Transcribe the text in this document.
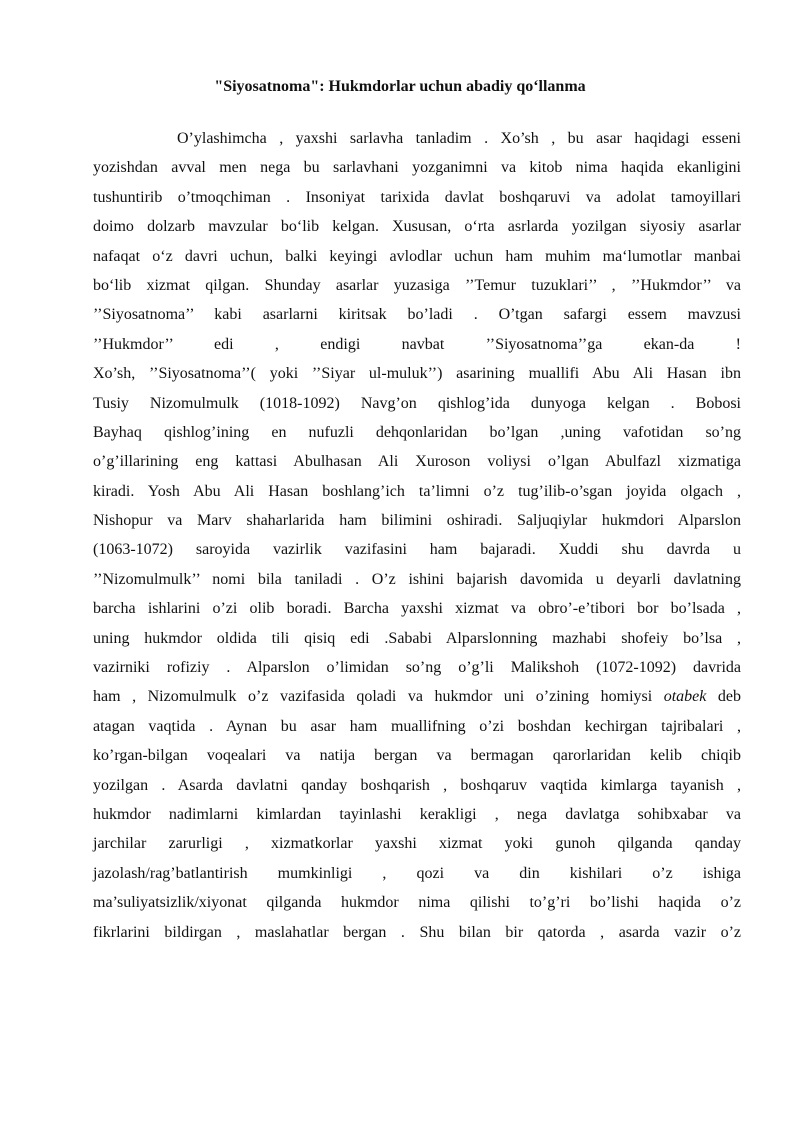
"Siyosatnoma": Hukmdorlar uchun abadiy qo‘llanma
O’ylashimcha , yaxshi sarlavha tanladim . Xo’sh , bu asar haqidagi esseni
yozishdan avval men nega bu sarlavhani yozganimni va kitob nima haqida ekanligini
tushuntirib o’tmoqchiman . Insoniyat tarixida davlat boshqaruvi va adolat tamoyillari
doimo dolzarb mavzular bo‘lib kelgan. Xususan, o‘rta asrlarda yozilgan siyosiy asarlar
nafaqat o‘z davri uchun, balki keyingi avlodlar uchun ham muhim ma‘lumotlar manbai
bo‘lib xizmat qilgan. Shunday asarlar yuzasiga ’’Temur tuzuklari’’ , ’’Hukmdor’’ va
’’Siyosatnoma’’ kabi asarlarni kiritsak bo’ladi . O’tgan safargi essem mavzusi
’’Hukmdor’’ edi , endigi navbat ’’Siyosatnoma’’ga ekan-da !
Xo’sh, ’’Siyosatnoma’’( yoki ’’Siyar ul-muluk’’) asarining muallifi Abu Ali Hasan ibn
Tusiy Nizomulmulk (1018-1092) Navg’on qishlog’ida dunyoga kelgan . Bobosi
Bayhaq qishlog’ining en nufuzli dehqonlaridan bo’lgan ,uning vafotidan so’ng
o’g’illarining eng kattasi Abulhasan Ali Xuroson voliysi o’lgan Abulfazl xizmatiga
kiradi. Yosh Abu Ali Hasan boshlang’ich ta’limni o’z tug’ilib-o’sgan joyida olgach ,
Nishopur va Marv shaharlarida ham bilimini oshiradi. Saljuqiylar hukmdori Alparslon
(1063-1072) saroyida vazirlik vazifasini ham bajaradi. Xuddi shu davrda u
’’Nizomulmulk’’ nomi bila taniladi . O’z ishini bajarish davomida u deyarli davlatning
barcha ishlarini o’zi olib boradi. Barcha yaxshi xizmat va obro’-e’tibori bor bo’lsada ,
uning hukmdor oldida tili qisiq edi .Sababi Alparslonning mazhabi shofeiy bo’lsa ,
vazirniki rofiziy . Alparslon o’limidan so’ng o’g’li Malikshoh (1072-1092) davrida
ham , Nizomulmulk o’z vazifasida qoladi va hukmdor uni o’zining homiysi otabek deb
atagan vaqtida . Aynan bu asar ham muallifning o’zi boshdan kechirgan tajribalari ,
ko’rgan-bilgan voqealari va natija bergan va bermagan qarorlaridan kelib chiqib
yozilgan . Asarda davlatni qanday boshqarish , boshqaruv vaqtida kimlarga tayanish ,
hukmdor nadimlarni kimlardan tayinlashi kerakligi , nega davlatga sohibxabar va
jarchilar zarurligi , xizmatkorlar yaxshi xizmat yoki gunoh qilganda qanday
jazolash/rag’batlantirish mumkinligi , qozi va din kishilari o’z ishiga
ma’suliyatsizlik/xiyonat qilganda hukmdor nima qilishi to’g’ri bo’lishi haqida o’z
fikrlarini bildirgan , maslahatlar bergan . Shu bilan bir qatorda , asarda vazir o’z
